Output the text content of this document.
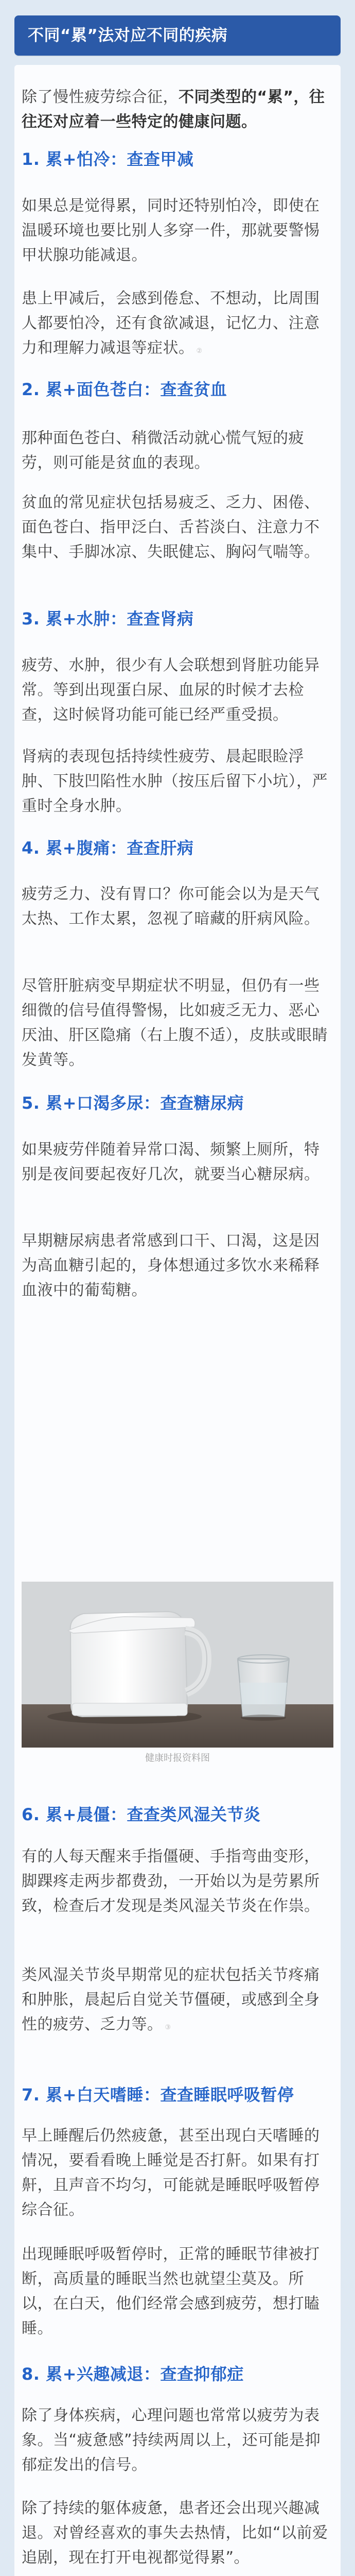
不同“累”法对应不同的疾病

除了慢性疲劳综合征，不同类型的“累”，往往还对应着一些特定的健康问题。

1. 累+怕冷：查查甲减

如果总是觉得累，同时还特别怕冷，即使在温暖环境也要比别人多穿一件，那就要警惕甲状腺功能减退。

患上甲减后，会感到倦怠、不想动，比周围人都要怕冷，还有食欲减退，记忆力、注意力和理解力减退等症状。 ②

2. 累+面色苍白：查查贫血

那种面色苍白、稍微活动就心慌气短的疲劳，则可能是贫血的表现。

贫血的常见症状包括易疲乏、乏力、困倦、面色苍白、指甲泛白、舌苔淡白、注意力不集中、手脚冰凉、失眠健忘、胸闷气喘等。

3. 累+水肿：查查肾病

疲劳、水肿，很少有人会联想到肾脏功能异常。等到出现蛋白尿、血尿的时候才去检查，这时候肾功能可能已经严重受损。

肾病的表现包括持续性疲劳、晨起眼睑浮肿、下肢凹陷性水肿（按压后留下小坑），严重时全身水肿。

4. 累+腹痛：查查肝病

疲劳乏力、没有胃口？你可能会以为是天气太热、工作太累，忽视了暗藏的肝病风险。

尽管肝脏病变早期症状不明显，但仍有一些细微的信号值得警惕，比如疲乏无力、恶心厌油、肝区隐痛（右上腹不适），皮肤或眼睛发黄等。

5. 累+口渴多尿：查查糖尿病

如果疲劳伴随着异常口渴、频繁上厕所，特别是夜间要起夜好几次，就要当心糖尿病。

早期糖尿病患者常感到口干、口渴，这是因为高血糖引起的，身体想通过多饮水来稀释血液中的葡萄糖。

健康时报资料图

6. 累+晨僵：查查类风湿关节炎

有的人每天醒来手指僵硬、手指弯曲变形，脚踝疼走两步都费劲，一开始以为是劳累所致，检查后才发现是类风湿关节炎在作祟。

类风湿关节炎早期常见的症状包括关节疼痛和肿胀，晨起后自觉关节僵硬，或感到全身性的疲劳、乏力等。 ③

7. 累+白天嗜睡：查查睡眠呼吸暂停

早上睡醒后仍然疲惫，甚至出现白天嗜睡的情况，要看看晚上睡觉是否打鼾。如果有打鼾，且声音不均匀，可能就是睡眠呼吸暂停综合征。

出现睡眠呼吸暂停时，正常的睡眠节律被打断，高质量的睡眠当然也就望尘莫及。所以，在白天，他们经常会感到疲劳，想打瞌睡。

8. 累+兴趣减退：查查抑郁症

除了身体疾病，心理问题也常常以疲劳为表象。当“疲惫感”持续两周以上，还可能是抑郁症发出的信号。

除了持续的躯体疲惫，患者还会出现兴趣减退。对曾经喜欢的事失去热情，比如“以前爱追剧，现在打开电视都觉得累”。
